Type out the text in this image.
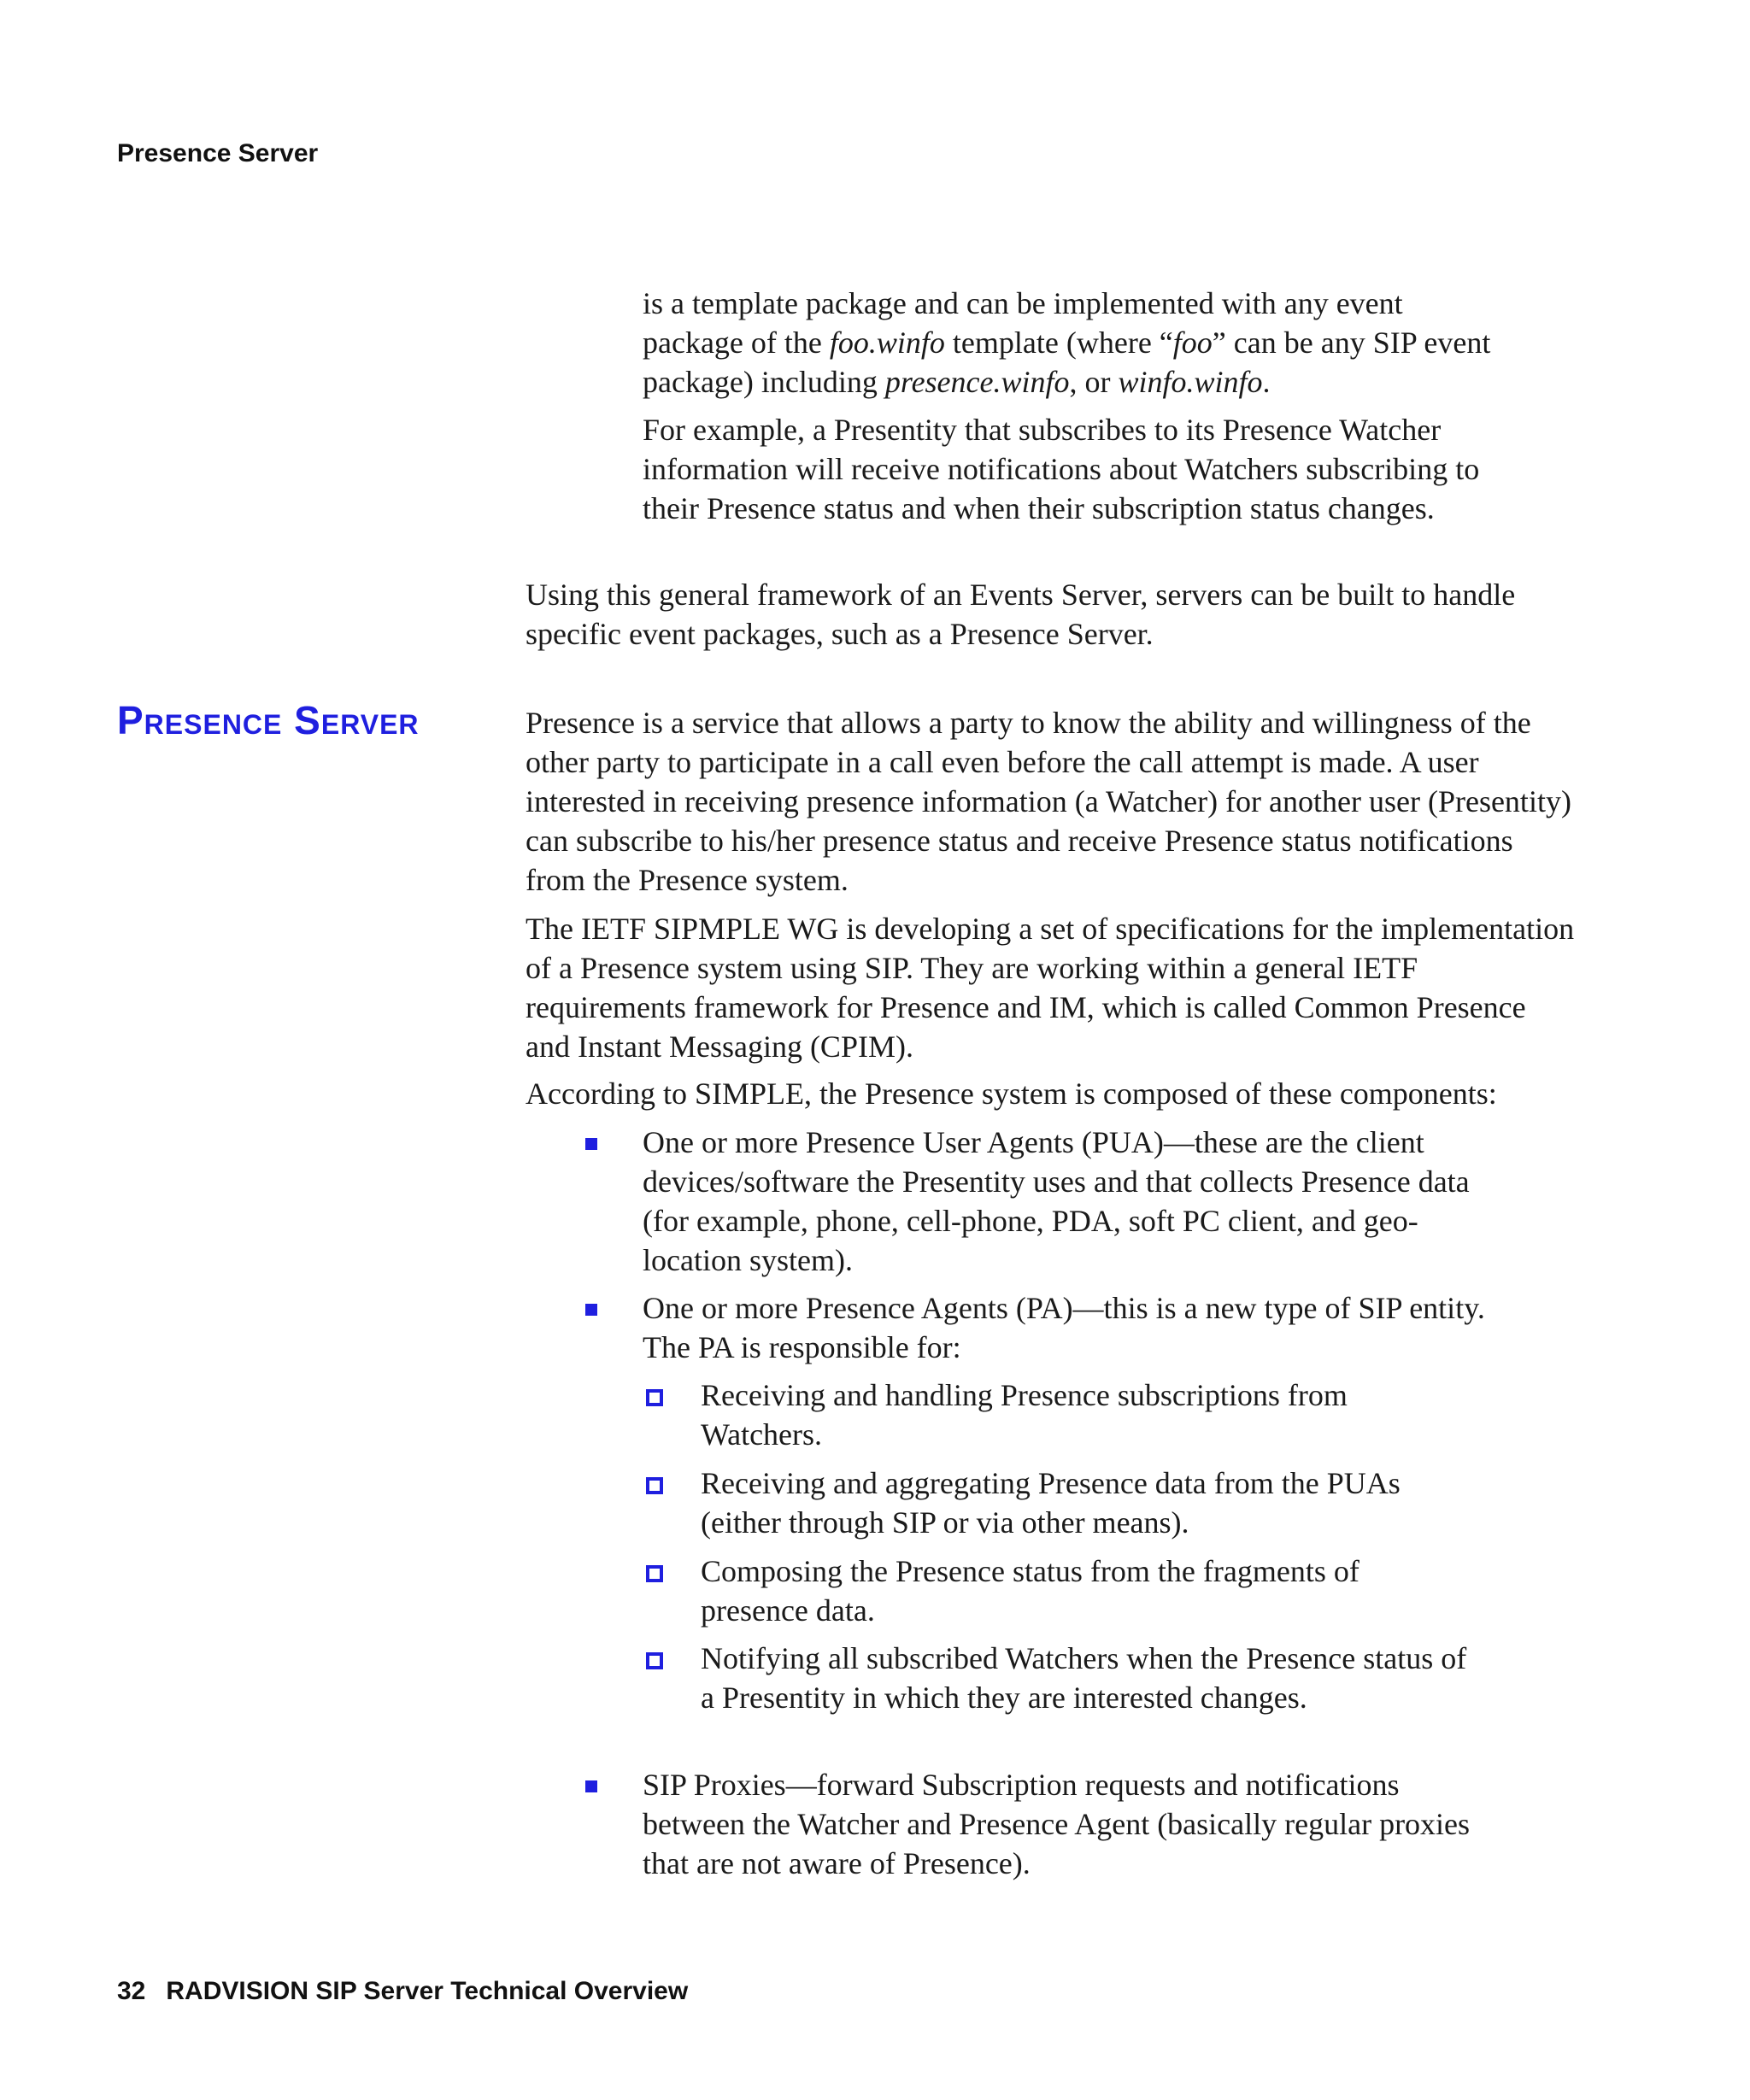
Presence Server

is a template package and can be implemented with any event package of the foo.winfo template (where “foo” can be any SIP event package) including presence.winfo, or winfo.winfo.

For example, a Presentity that subscribes to its Presence Watcher information will receive notifications about Watchers subscribing to their Presence status and when their subscription status changes.

Using this general framework of an Events Server, servers can be built to handle specific event packages, such as a Presence Server.

Presence Server	Presence is a service that allows a party to know the ability and willingness of the other party to participate in a call even before the call attempt is made. A user interested in receiving presence information (a Watcher) for another user (Presentity) can subscribe to his/her presence status and receive Presence status notifications from the Presence system.

The IETF SIPMPLE WG is developing a set of specifications for the implementation of a Presence system using SIP. They are working within a general IETF requirements framework for Presence and IM, which is called Common Presence and Instant Messaging (CPIM).

According to SIMPLE, the Presence system is composed of these components:

One or more Presence User Agents (PUA)—these are the client devices/software the Presentity uses and that collects Presence data (for example, phone, cell-phone, PDA, soft PC client, and geo-location system).
One or more Presence Agents (PA)—this is a new type of SIP entity. The PA is responsible for:
Receiving and handling Presence subscriptions from Watchers.
Receiving and aggregating Presence data from the PUAs (either through SIP or via other means).
Composing the Presence status from the fragments of presence data.
Notifying all subscribed Watchers when the Presence status of a Presentity in which they are interested changes.
SIP Proxies—forward Subscription requests and notifications between the Watcher and Presence Agent (basically regular proxies that are not aware of Presence).
32 RADVISION SIP Server Technical Overview
